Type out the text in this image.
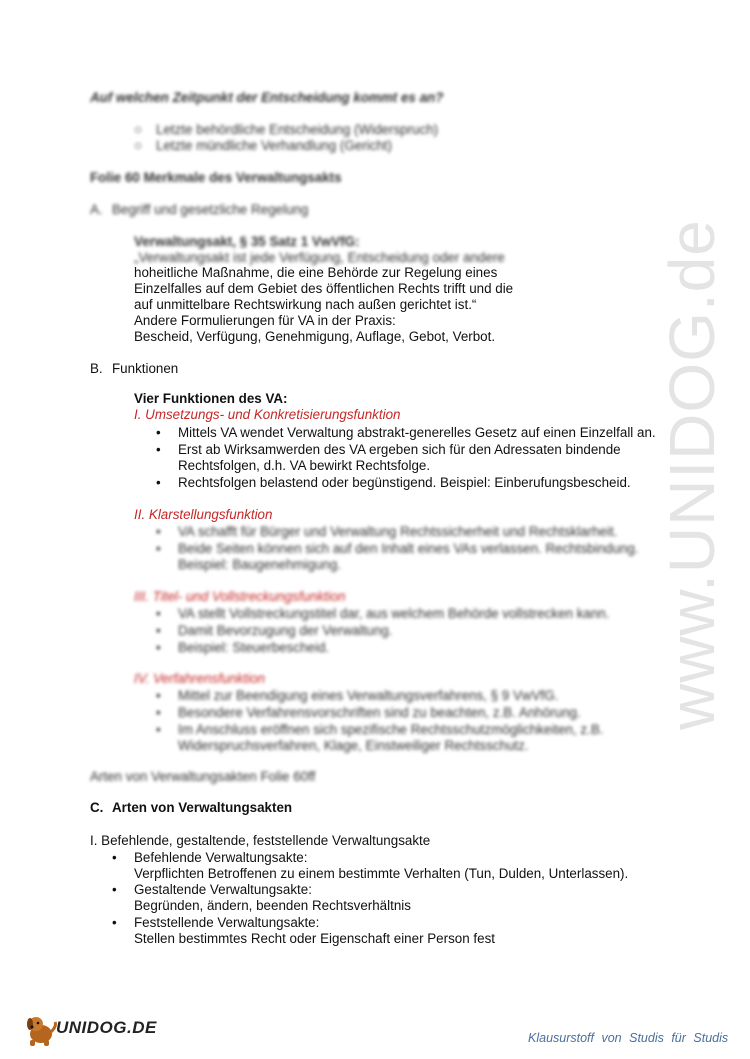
www.UNIDOG.de
Auf welchen Zeitpunkt der Entscheidung kommt es an?
○ Letzte behördliche Entscheidung (Widerspruch)
○ Letzte mündliche Verhandlung (Gericht)
Folie 60 Merkmale des Verwaltungsakts
A. Begriff und gesetzliche Regelung
Verwaltungsakt, § 35 Satz 1 VwVfG:
„Verwaltungsakt ist jede Verfügung, Entscheidung oder andere
hoheitliche Maßnahme, die eine Behörde zur Regelung eines
Einzelfalles auf dem Gebiet des öffentlichen Rechts trifft und die
auf unmittelbare Rechtswirkung nach außen gerichtet ist.“
Andere Formulierungen für VA in der Praxis:
Bescheid, Verfügung, Genehmigung, Auflage, Gebot, Verbot.
B. Funktionen
Vier Funktionen des VA:
I. Umsetzungs- und Konkretisierungsfunktion
• Mittels VA wendet Verwaltung abstrakt-generelles Gesetz auf einen Einzelfall an.
• Erst ab Wirksamwerden des VA ergeben sich für den Adressaten bindende
Rechtsfolgen, d.h. VA bewirkt Rechtsfolge.
• Rechtsfolgen belastend oder begünstigend. Beispiel: Einberufungsbescheid.
II. Klarstellungsfunktion
• VA schafft für Bürger und Verwaltung Rechtssicherheit und Rechtsklarheit.
• Beide Seiten können sich auf den Inhalt eines VAs verlassen. Rechtsbindung.
Beispiel: Baugenehmigung.
III. Titel- und Vollstreckungsfunktion
• VA stellt Vollstreckungstitel dar, aus welchem Behörde vollstrecken kann.
• Damit Bevorzugung der Verwaltung.
• Beispiel: Steuerbescheid.
IV. Verfahrensfunktion
• Mittel zur Beendigung eines Verwaltungsverfahrens, § 9 VwVfG.
• Besondere Verfahrensvorschriften sind zu beachten, z.B. Anhörung.
• Im Anschluss eröffnen sich spezifische Rechtsschutzmöglichkeiten, z.B.
Widerspruchsverfahren, Klage, Einstweiliger Rechtsschutz.
Arten von Verwaltungsakten Folie 60ff
C. Arten von Verwaltungsakten
I. Befehlende, gestaltende, feststellende Verwaltungsakte
• Befehlende Verwaltungsakte:
Verpflichten Betroffenen zu einem bestimmte Verhalten (Tun, Dulden, Unterlassen).
• Gestaltende Verwaltungsakte:
Begründen, ändern, beenden Rechtsverhältnis
• Feststellende Verwaltungsakte:
Stellen bestimmtes Recht oder Eigenschaft einer Person fest
UNIDOG.DE
Klausurstoff von Studis für Studis
